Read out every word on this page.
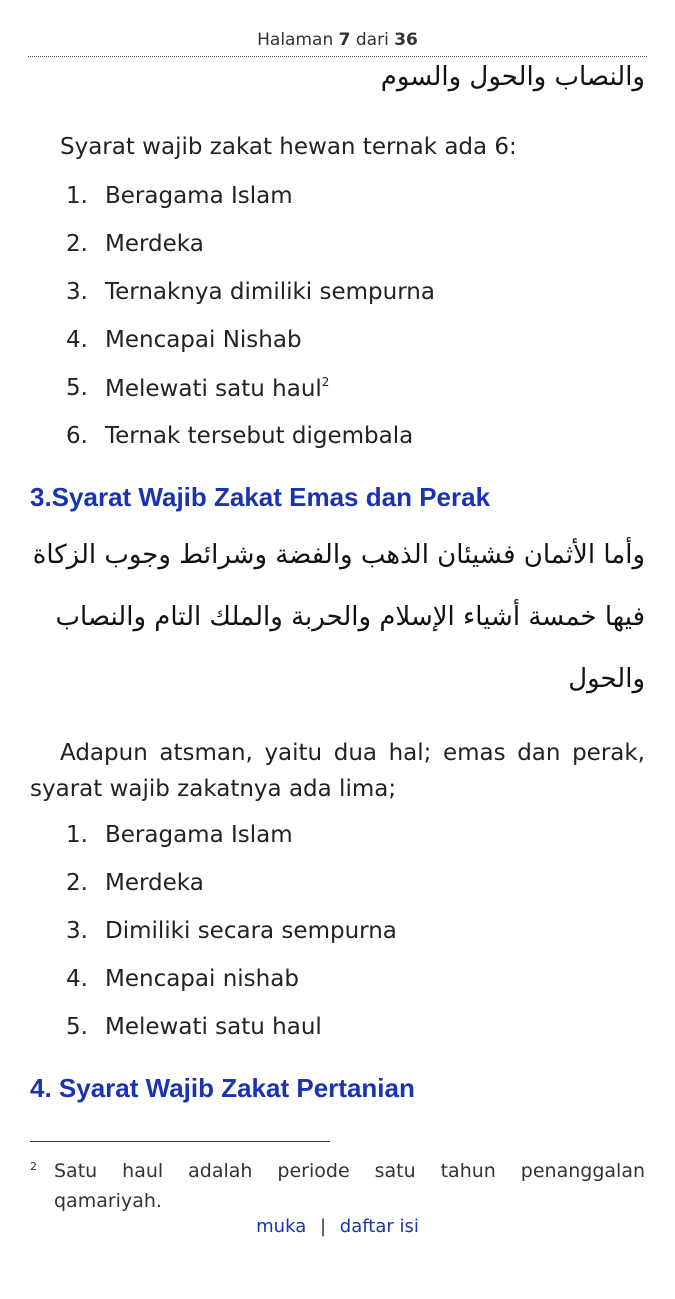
Halaman 7 dari 36
والنصاب والحول والسوم
Syarat wajib zakat hewan ternak ada 6:
1. Beragama Islam
2. Merdeka
3. Ternaknya dimiliki sempurna
4. Mencapai Nishab
5. Melewati satu haul$^2$
6. Ternak tersebut digembala
3.Syarat Wajib Zakat Emas dan Perak
وأما الأثمان فشيئان الذهب والفضة وشرائط وجوب الزكاة
فيها خمسة أشياء الإسلام والحربة والملك التام والنصاب
والحول
Adapun atsman, yaitu dua hal; emas dan perak, syarat wajib zakatnya ada lima;
1. Beragama Islam
2. Merdeka
3. Dimiliki secara sempurna
4. Mencapai nishab
5. Melewati satu haul
4. Syarat Wajib Zakat Pertanian
2 Satu haul adalah periode satu tahun penanggalan qamariyah.
muka | daftar isi
